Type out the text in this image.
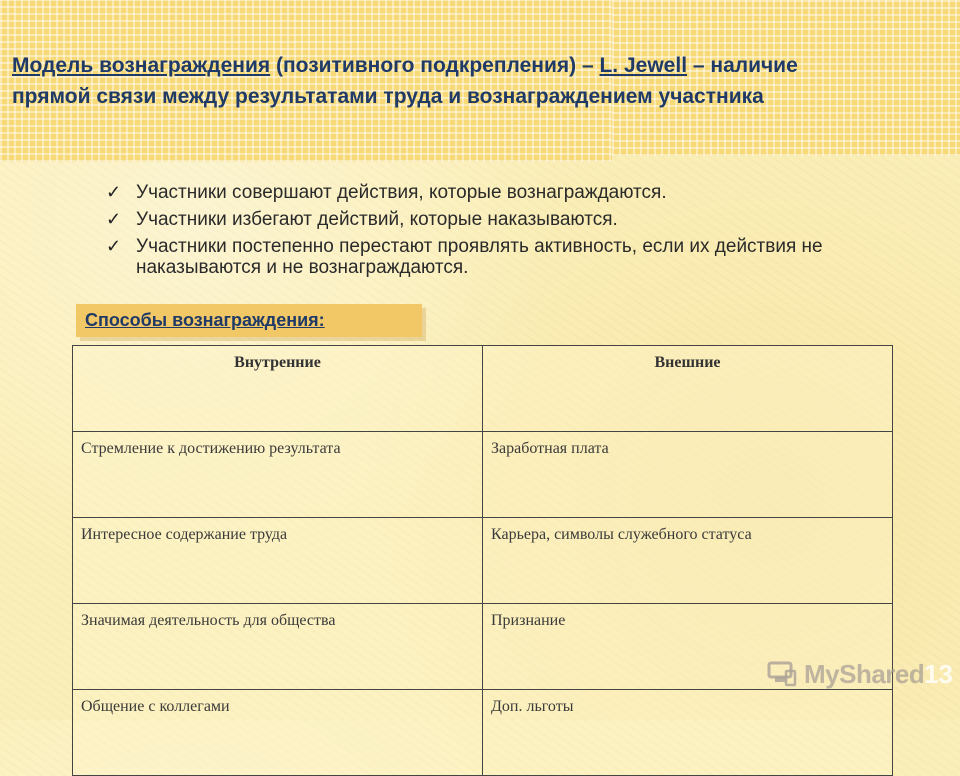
Модель вознаграждения (позитивного подкрепления) – L. Jewell – наличие прямой связи между результатами труда и вознаграждением участника
✓ Участники совершают действия, которые вознаграждаются.
✓ Участники избегают действий, которые наказываются.
✓ Участники постепенно перестают проявлять активность, если их действия не наказываются и не вознаграждаются.
Способы вознаграждения:
Внутренние	Внешние
Стремление к достижению результата	Заработная плата
Интересное содержание труда	Карьера, символы служебного статуса
Значимая деятельность для общества	Признание
Общение с коллегами	Доп. льготы
MyShared 13
